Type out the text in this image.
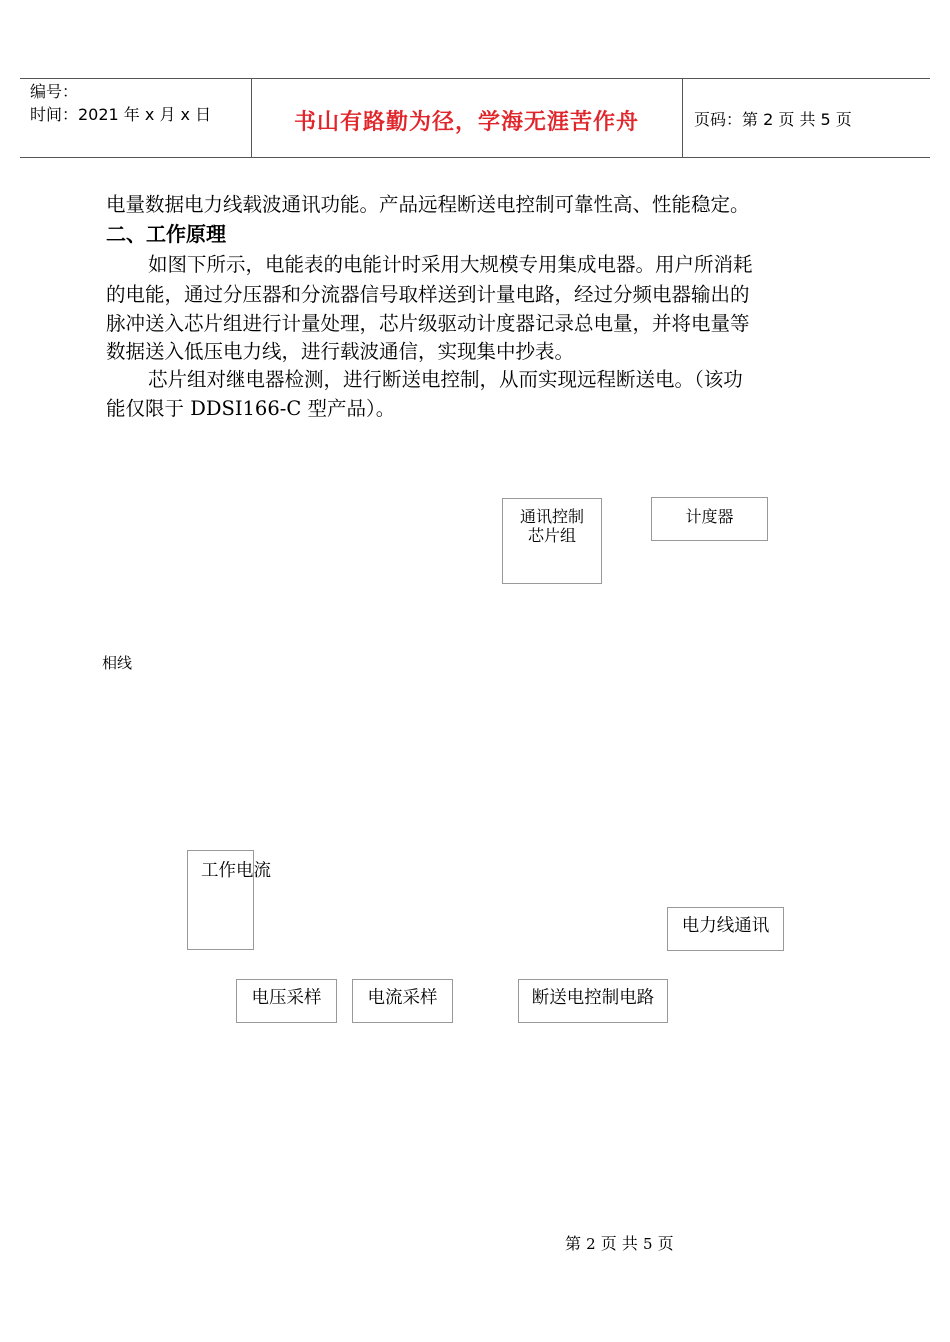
编号：
时间：2021 年 x 月 x 日	书山有路勤为径，学海无涯苦作舟	页码：第 2 页 共 5 页
电量数据电力线载波通讯功能。产品远程断送电控制可靠性高、性能稳定。
二、工作原理
如图下所示，电能表的电能计时采用大规模专用集成电器。用户所消耗
的电能，通过分压器和分流器信号取样送到计量电路，经过分频电器输出的
脉冲送入芯片组进行计量处理，芯片级驱动计度器记录总电量，并将电量等
数据送入低压电力线，进行载波通信，实现集中抄表。
芯片组对继电器检测，进行断送电控制，从而实现远程断送电。（该功
能仅限于 DDSI166-C 型产品）。
通讯控制
芯片组
计度器
相线
工作电流
电力线通讯
电压采样	电流采样	断送电控制电路
第 2 页 共 5 页
